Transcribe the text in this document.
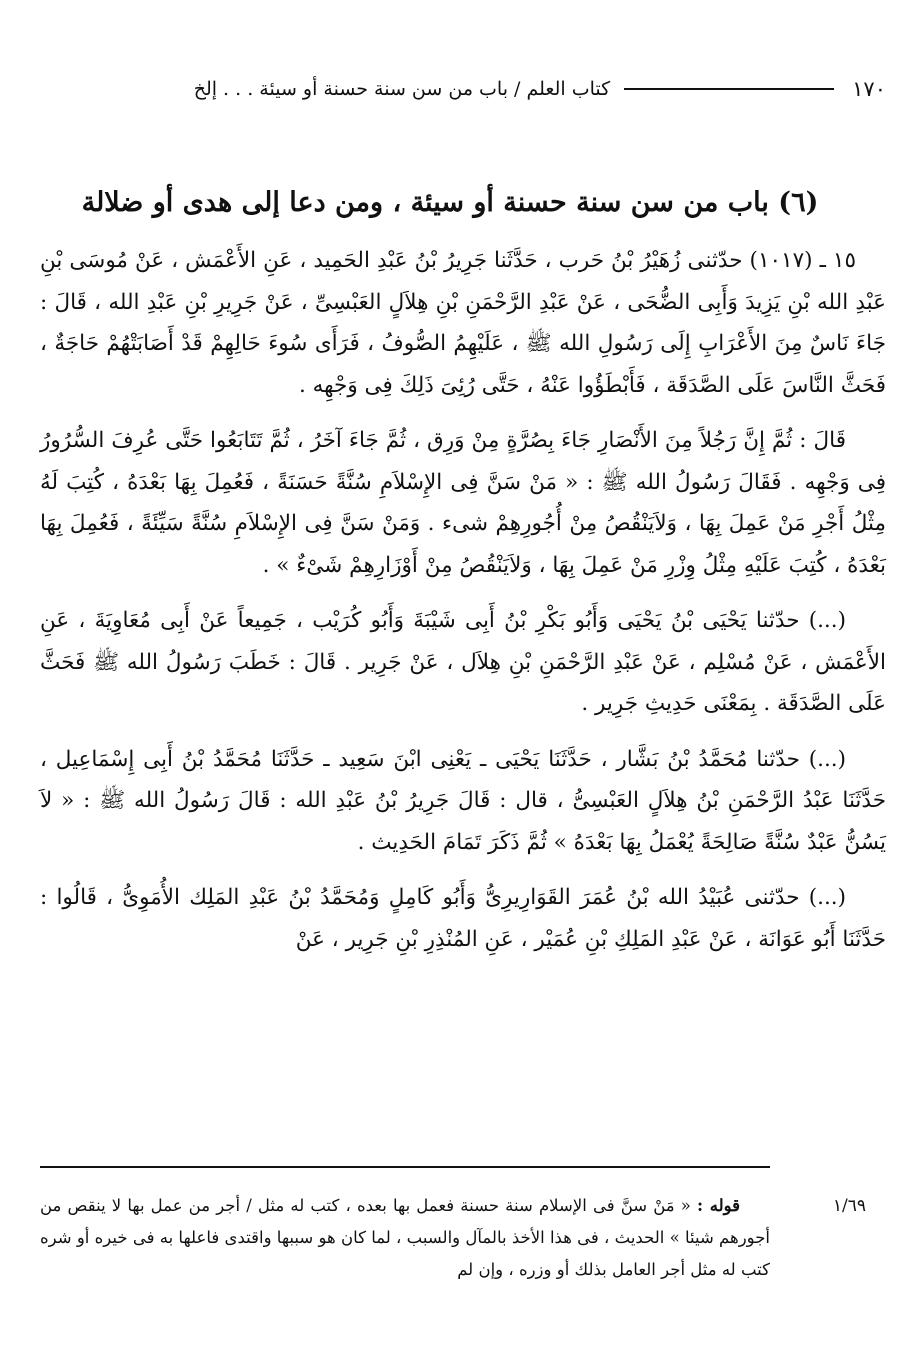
١٧٠
كتاب العلم / باب من سن سنة حسنة أو سيئة . . . إلخ
(٦) باب من سن سنة حسنة أو سيئة ، ومن دعا إلى هدى أو ضلالة

١٥ ـ (١٠١٧) حدّثنى زُهَيْرُ بْنُ حَرب ، حَدَّثَنا جَرِيرُ بْنُ عَبْدِ الحَمِيد ، عَنِ الأَعْمَش ، عَنْ مُوسَى بْنِ عَبْدِ الله بْنِ يَزِيدَ وَأَبِى الضُّحَى ، عَنْ عَبْدِ الرَّحْمَنِ بْنِ هِلاَلٍ العَبْسِىِّ ، عَنْ جَرِيرِ بْنِ عَبْدِ الله ، قَالَ : جَاءَ نَاسٌ مِنَ الأَعْرَابِ إِلَى رَسُولِ الله ﷺ ، عَلَيْهِمُ الصُّوفُ ، فَرَأَى سُوءَ حَالِهِمْ قَدْ أَصَابَتْهُمْ حَاجَةٌ ، فَحَثَّ النَّاسَ عَلَى الصَّدَقَة ، فَأَبْطَؤُوا عَنْهُ ، حَتَّى رُئِىَ ذَلِكَ فِى وَجْهِه .

قَالَ : ثُمَّ إِنَّ رَجُلاً مِنَ الأَنْصَارِ جَاءَ بِصُرَّةٍ مِنْ وَرِق ، ثُمَّ جَاءَ آخَرُ ، ثُمَّ تَتَابَعُوا حَتَّى عُرِفَ السُّرُورُ فِى وَجْهِه . فَقَالَ رَسُولُ الله ﷺ : « مَنْ سَنَّ فِى الإِسْلاَمِ سُنَّةً حَسَنَةً ، فَعُمِلَ بِهَا بَعْدَهُ ، كُتِبَ لَهُ مِثْلُ أَجْرِ مَنْ عَمِلَ بِهَا ، وَلاَيَنْقُصُ مِنْ أُجُورِهِمْ شىء . وَمَنْ سَنَّ فِى الإِسْلاَمِ سُنَّةً سَيِّئَةً ، فَعُمِلَ بِهَا بَعْدَهُ ، كُتِبَ عَلَيْهِ مِثْلُ وِزْرِ مَنْ عَمِلَ بِهَا ، وَلاَيَنْقُصُ مِنْ أَوْزَارِهِمْ شَىْءٌ » .

(...) حدّثنا يَحْيَى بْنُ يَحْيَى وَأَبُو بَكْرِ بْنُ أَبِى شَيْبَةَ وَأَبُو كُرَيْب ، جَمِيعاً عَنْ أَبِى مُعَاوِيَةَ ، عَنِ الأَعْمَش ، عَنْ مُسْلِم ، عَنْ عَبْدِ الرَّحْمَنِ بْنِ هِلاَل ، عَنْ جَرِير . قَالَ : خَطَبَ رَسُولُ الله ﷺ فَحَثَّ عَلَى الصَّدَقَة . بِمَعْنَى حَدِيثِ جَرِير .

(...) حدّثنا مُحَمَّدُ بْنُ بَشَّار ، حَدَّثَنَا يَحْيَى ـ يَعْنِى ابْنَ سَعِيد ـ حَدَّثَنَا مُحَمَّدُ بْنُ أَبِى إِسْمَاعِيل ، حَدَّثَنَا عَبْدُ الرَّحْمَنِ بْنُ هِلاَلٍ العَبْسِىُّ ، قال : قَالَ جَرِيرُ بْنُ عَبْدِ الله : قَالَ رَسُولُ الله ﷺ : « لاَ يَسُنُّ عَبْدٌ سُنَّةً صَالِحَةً يُعْمَلُ بِهَا بَعْدَهُ » ثُمَّ ذَكَرَ تَمَامَ الحَدِيث .

(...) حدّثنى عُبَيْدُ الله بْنُ عُمَرَ القَوَارِيرِىُّ وَأَبُو كَامِلٍ وَمُحَمَّدُ بْنُ عَبْدِ المَلِك الأُمَوِىُّ ، قَالُوا : حَدَّثَنَا أَبُو عَوَانَة ، عَنْ عَبْدِ المَلِكِ بْنِ عُمَيْر ، عَنِ المُنْذِرِ بْنِ جَرِير ، عَنْ

١/٦٩
قوله : « مَنْ سنَّ فى الإسلام سنة حسنة فعمل بها بعده ، كتب له مثل / أجر من عمل بها لا ينقص من أجورهم شيئا » الحديث ، فى هذا الأخذ بالمآل والسبب ، لما كان هو سببها واقتدى فاعلها به فى خيره أو شره كتب له مثل أجر العامل بذلك أو وزره ، وإن لم
